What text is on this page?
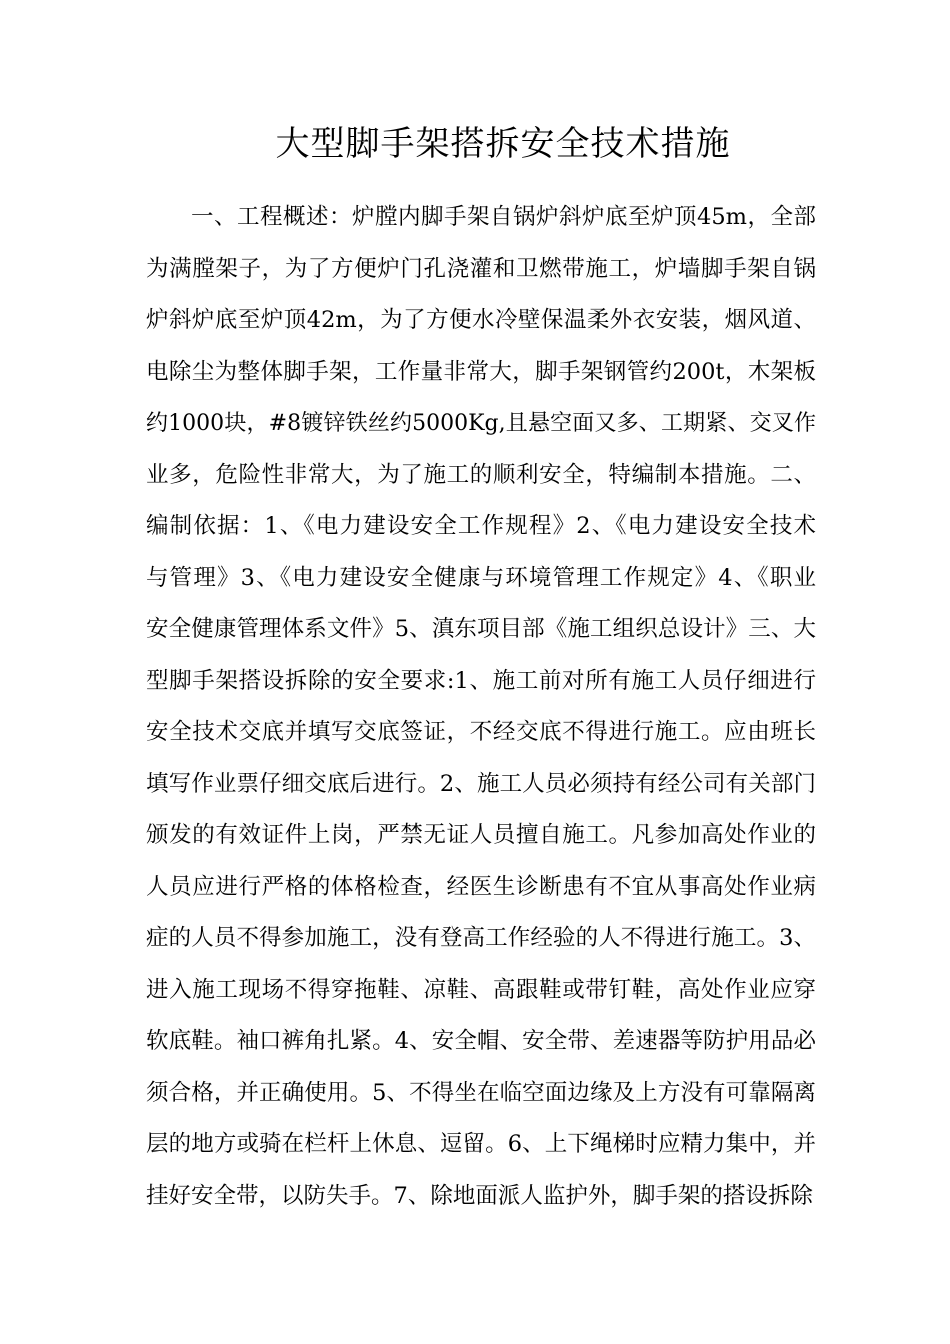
大型脚手架搭拆安全技术措施
一、工程概述：炉膛内脚手架自锅炉斜炉底至炉顶45m，全部
为满膛架子，为了方便炉门孔浇灌和卫燃带施工，炉墙脚手架自锅
炉斜炉底至炉顶42m，为了方便水冷壁保温柔外衣安装，烟风道、
电除尘为整体脚手架，工作量非常大，脚手架钢管约200t，木架板
约1000块，#8镀锌铁丝约5000Kg,且悬空面又多、工期紧、交叉作
业多，危险性非常大，为了施工的顺利安全，特编制本措施。二、
编制依据：1、《电力建设安全工作规程》2、《电力建设安全技术
与管理》3、《电力建设安全健康与环境管理工作规定》4、《职业
安全健康管理体系文件》5、滇东项目部《施工组织总设计》三、大
型脚手架搭设拆除的安全要求:1、施工前对所有施工人员仔细进行
安全技术交底并填写交底签证，不经交底不得进行施工。应由班长
填写作业票仔细交底后进行。2、施工人员必须持有经公司有关部门
颁发的有效证件上岗，严禁无证人员擅自施工。凡参加高处作业的
人员应进行严格的体格检查，经医生诊断患有不宜从事高处作业病
症的人员不得参加施工，没有登高工作经验的人不得进行施工。3、
进入施工现场不得穿拖鞋、凉鞋、高跟鞋或带钉鞋，高处作业应穿
软底鞋。袖口裤角扎紧。4、安全帽、安全带、差速器等防护用品必
须合格，并正确使用。5、不得坐在临空面边缘及上方没有可靠隔离
层的地方或骑在栏杆上休息、逗留。6、上下绳梯时应精力集中，并
挂好安全带，以防失手。7、除地面派人监护外，脚手架的搭设拆除
